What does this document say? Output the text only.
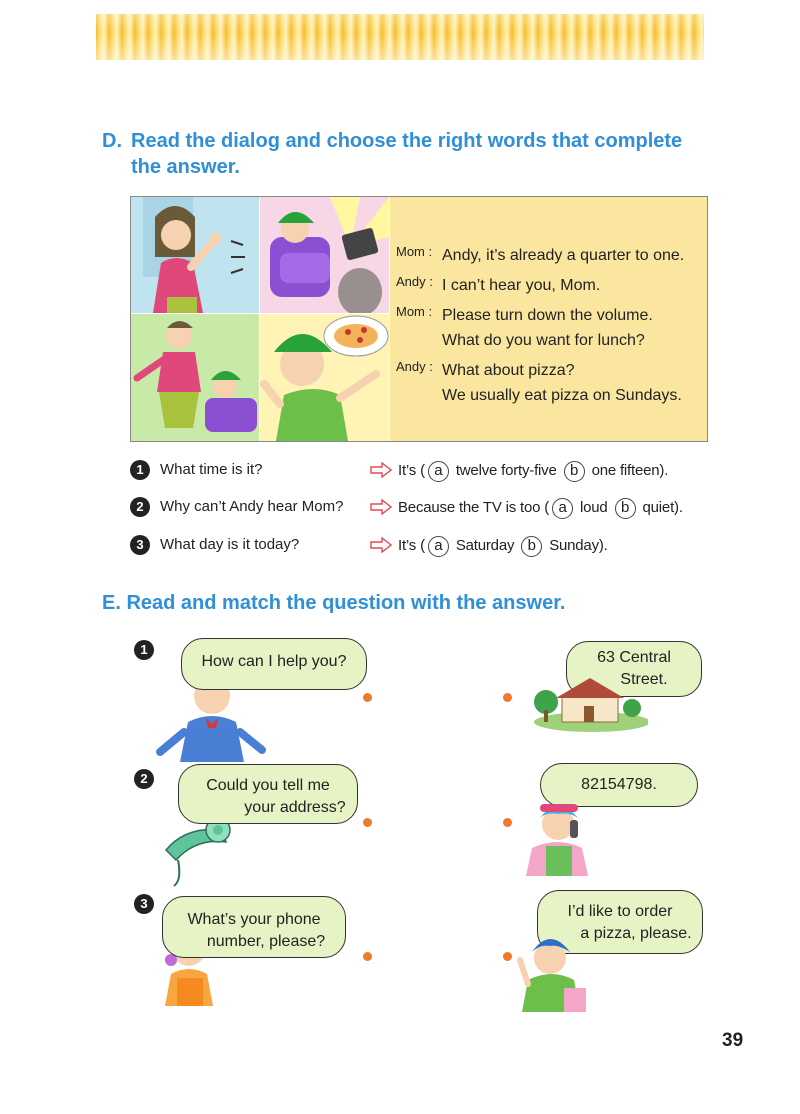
D. Read the dialog and choose the right words that complete
the answer.
Mom : Andy, it’s already a quarter to one.
Andy : I can’t hear you, Mom.
Mom : Please turn down the volume.
What do you want for lunch?
Andy : What about pizza?
We usually eat pizza on Sundays.
1 What time is it?	It’s ( a twelve forty-five b one fifteen).
2 Why can’t Andy hear Mom?	Because the TV is too ( a loud b quiet).
3 What day is it today?	It’s ( a Saturday b Sunday).
E. Read and match the question with the answer.
1
2
3
How can I help you?
Could you tell me
your address?
What’s your phone
number, please?
63 Central
Street.
82154798.
I’d like to order
a pizza, please.
39
